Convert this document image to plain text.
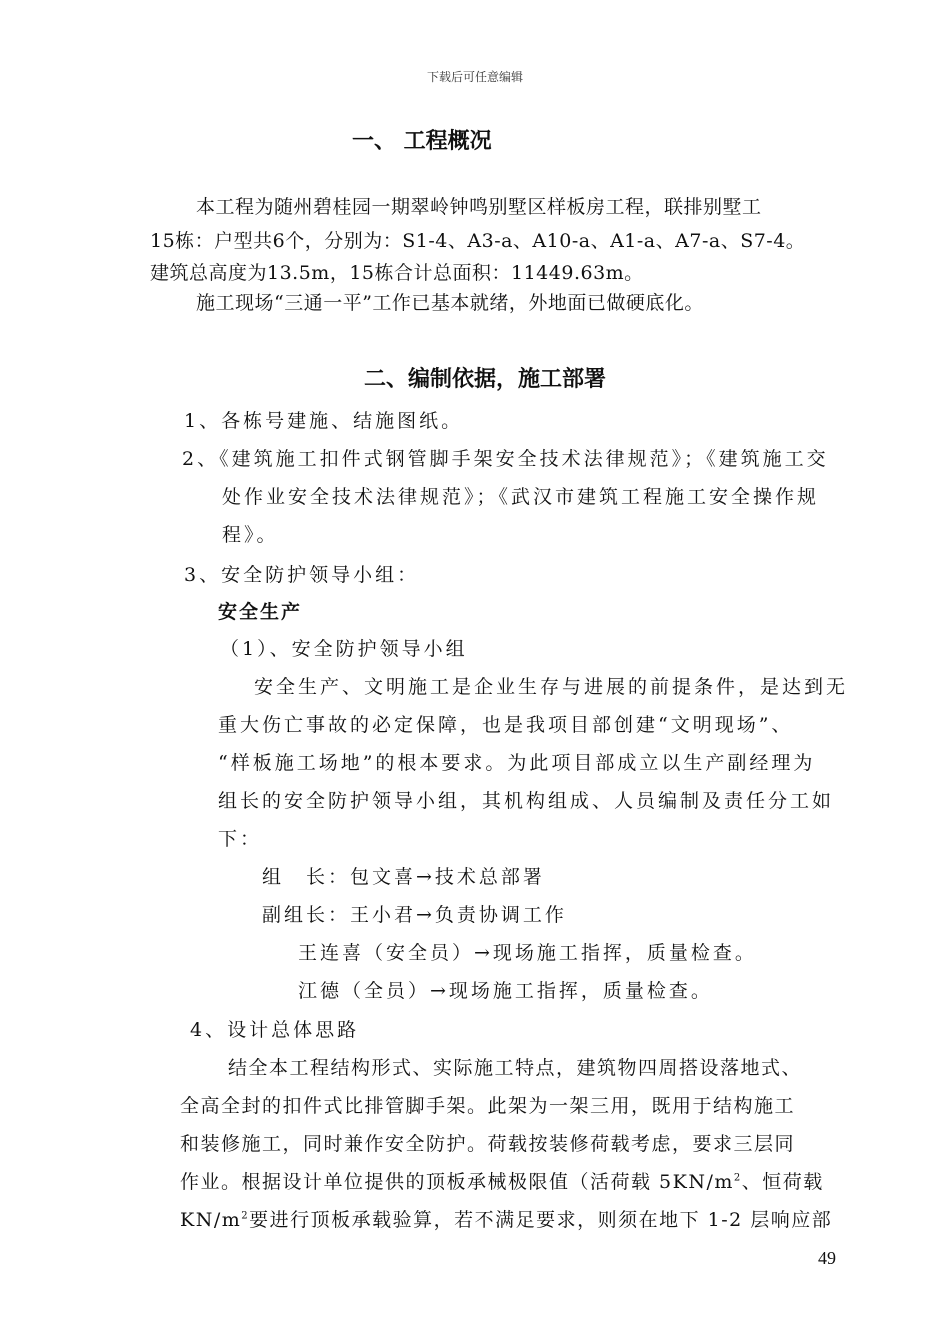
下载后可任意编辑
一、 工程概况
本工程为随州碧桂园一期翠岭钟鸣别墅区样板房工程，联排别墅工
15栋：户型共6个，分别为：S1-4、A3-a、A10-a、A1-a、A7-a、S7-4。
建筑总高度为13.5m，15栋合计总面积：11449.63m。
施工现场“三通一平”工作已基本就绪，外地面已做硬底化。
二、编制依据，施工部署
1、各栋号建施、结施图纸。
2、《建筑施工扣件式钢管脚手架安全技术法律规范》；《建筑施工交
处作业安全技术法律规范》；《武汉市建筑工程施工安全操作规
程》。
3、安全防护领导小组：
安全生产
（1）、安全防护领导小组
安全生产、文明施工是企业生存与进展的前提条件，是达到无
重大伤亡事故的必定保障，也是我项目部创建“文明现场”、
“样板施工场地”的根本要求。为此项目部成立以生产副经理为
组长的安全防护领导小组，其机构组成、人员编制及责任分工如
下：
组　长：包文喜→技术总部署
副组长：王小君→负责协调工作
王连喜（安全员）→现场施工指挥，质量检查。
江德（全员）→现场施工指挥，质量检查。
4、设计总体思路
结全本工程结构形式、实际施工特点，建筑物四周搭设落地式、
全高全封的扣件式比排管脚手架。此架为一架三用，既用于结构施工
和装修施工，同时兼作安全防护。荷载按装修荷载考虑，要求三层同
作业。根据设计单位提供的顶板承械极限值（活荷载 $5KN/m^2$、恒荷载
$KN/m^2$要进行顶板承载验算，若不满足要求，则须在地下 1-2 层响应部
49
